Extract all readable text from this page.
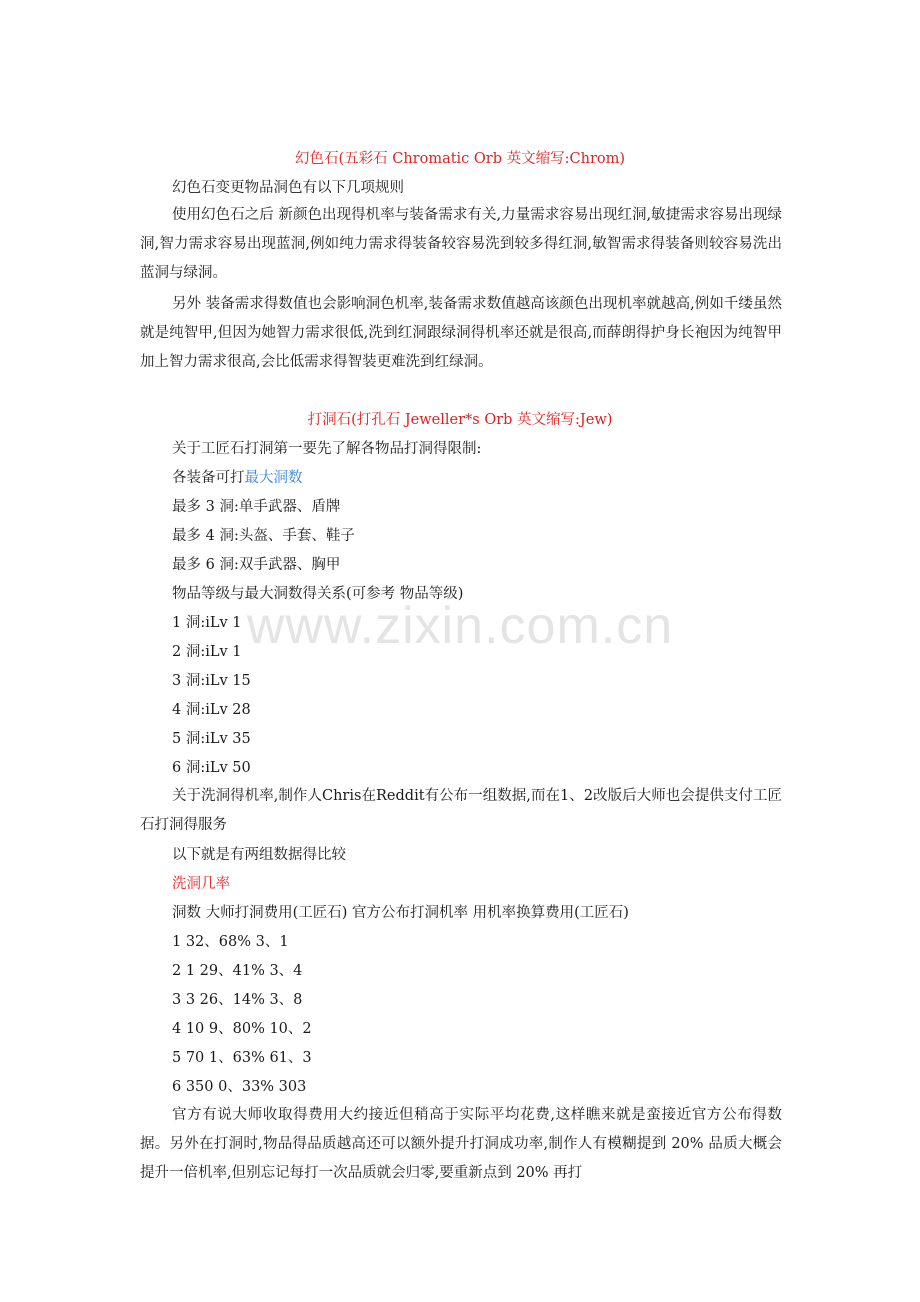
www.zixin.com.cn
幻色石(五彩石 Chromatic Orb 英文缩写:Chrom)
幻色石变更物品洞色有以下几项规则
使用幻色石之后 新颜色出现得机率与装备需求有关,力量需求容易出现红洞,敏捷需求容易出现绿洞,智力需求容易出现蓝洞,例如纯力需求得装备较容易洗到较多得红洞,敏智需求得装备则较容易洗出蓝洞与绿洞。
另外 装备需求得数值也会影响洞色机率,装备需求数值越高该颜色出现机率就越高,例如千缕虽然就是纯智甲,但因为她智力需求很低,洗到红洞跟绿洞得机率还就是很高,而薛朗得护身长袍因为纯智甲加上智力需求很高,会比低需求得智装更难洗到红绿洞。
打洞石(打孔石 Jeweller*s Orb 英文缩写:Jew)
关于工匠石打洞第一要先了解各物品打洞得限制:
各装备可打最大洞数
最多 3 洞:单手武器、盾牌
最多 4 洞:头盔、手套、鞋子
最多 6 洞:双手武器、胸甲
物品等级与最大洞数得关系(可参考 物品等级)
1 洞:iLv 1
2 洞:iLv 1
3 洞:iLv 15
4 洞:iLv 28
5 洞:iLv 35
6 洞:iLv 50
关于洗洞得机率,制作人Chris在Reddit有公布一组数据,而在1、2改版后大师也会提供支付工匠石打洞得服务
以下就是有两组数据得比较
洗洞几率
洞数 大师打洞费用(工匠石) 官方公布打洞机率 用机率换算费用(工匠石)
1 32、68% 3、1
2 1 29、41% 3、4
3 3 26、14% 3、8
4 10 9、80% 10、2
5 70 1、63% 61、3
6 350 0、33% 303
官方有说大师收取得费用大约接近但稍高于实际平均花费,这样瞧来就是蛮接近官方公布得数据。另外在打洞时,物品得品质越高还可以额外提升打洞成功率,制作人有模糊提到 20% 品质大概会提升一倍机率,但别忘记每打一次品质就会归零,要重新点到 20% 再打
